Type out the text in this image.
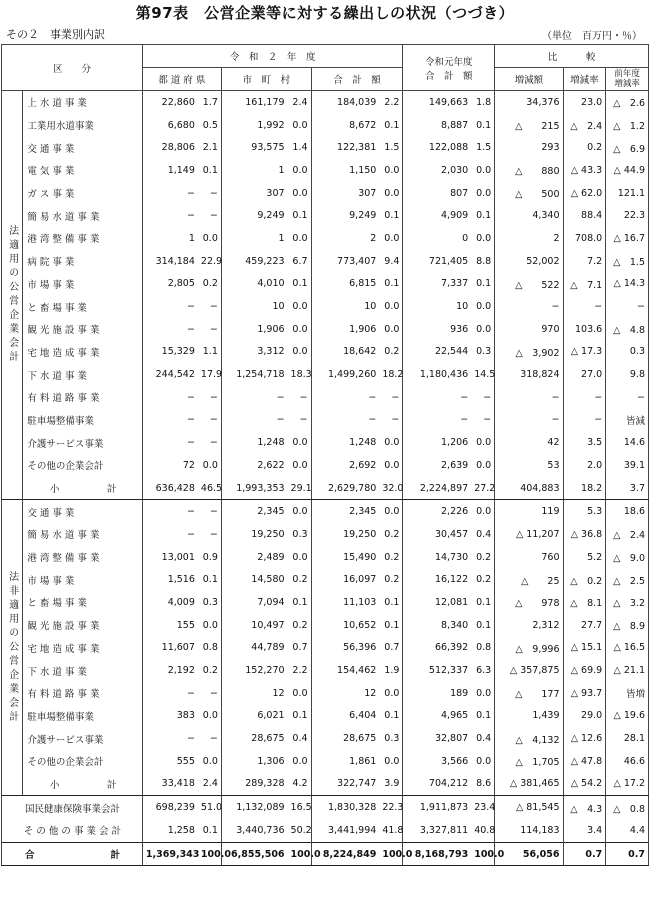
第97表　公営企業等に対する繰出しの状況（つづき）
その２　事業別内訳	（単位　百万円・％）
区　　分		令　和　２　年　度						令和元年度
合　計　額		比　　　較		
		都 道 府 県		市　町　村		合　計　額				増減額	増減率	前年度
増減率
法適用の公営企業会計	上 水 道 事 業	22,860	1.7	161,179	2.4	184,039	2.2	149,663	1.8	34,376	23.0	△　2.6
	工業用水道事業	6,680	0.5	1,992	0.0	8,672	0.1	8,887	0.1	△　　215	△　2.4	△　1.2
	交 通 事 業	28,806	2.1	93,575	1.4	122,381	1.5	122,088	1.5	293	0.2	△　6.9
	電 気 事 業	1,149	0.1	1	0.0	1,150	0.0	2,030	0.0	△　　880	△ 43.3	△ 44.9
	ガ ス 事 業	−	−	307	0.0	307	0.0	807	0.0	△　　500	△ 62.0	121.1
	簡 易 水 道 事 業	−	−	9,249	0.1	9,249	0.1	4,909	0.1	4,340	88.4	22.3
	港 湾 整 備 事 業	1	0.0	1	0.0	2	0.0	0	0.0	2	708.0	△ 16.7
	病 院 事 業	314,184	22.9	459,223	6.7	773,407	9.4	721,405	8.8	52,002	7.2	△　1.5
	市 場 事 業	2,805	0.2	4,010	0.1	6,815	0.1	7,337	0.1	△　　522	△　7.1	△ 14.3
	と 畜 場 事 業	−	−	10	0.0	10	0.0	10	0.0	−	−	−
	観 光 施 設 事 業	−	−	1,906	0.0	1,906	0.0	936	0.0	970	103.6	△　4.8
	宅 地 造 成 事 業	15,329	1.1	3,312	0.0	18,642	0.2	22,544	0.3	△　3,902	△ 17.3	0.3
	下 水 道 事 業	244,542	17.9	1,254,718	18.3	1,499,260	18.2	1,180,436	14.5	318,824	27.0	9.8
	有 料 道 路 事 業	−	−	−	−	−	−	−	−	−	−	−
	駐車場整備事業	−	−	−	−	−	−	−	−	−	−	皆減
	介護サービス事業	−	−	1,248	0.0	1,248	0.0	1,206	0.0	42	3.5	14.6
	その他の企業会計	72	0.0	2,622	0.0	2,692	0.0	2,639	0.0	53	2.0	39.1
	小　　　　　計	636,428	46.5	1,993,353	29.1	2,629,780	32.0	2,224,897	27.2	404,883	18.2	3.7
法非適用の公営企業会計	交 通 事 業	−	−	2,345	0.0	2,345	0.0	2,226	0.0	119	5.3	18.6
	簡 易 水 道 事 業	−	−	19,250	0.3	19,250	0.2	30,457	0.4	△ 11,207	△ 36.8	△　2.4
	港 湾 整 備 事 業	13,001	0.9	2,489	0.0	15,490	0.2	14,730	0.2	760	5.2	△　9.0
	市 場 事 業	1,516	0.1	14,580	0.2	16,097	0.2	16,122	0.2	△　　25	△　0.2	△　2.5
	と 畜 場 事 業	4,009	0.3	7,094	0.1	11,103	0.1	12,081	0.1	△　　978	△　8.1	△　3.2
	観 光 施 設 事 業	155	0.0	10,497	0.2	10,652	0.1	8,340	0.1	2,312	27.7	△　8.9
	宅 地 造 成 事 業	11,607	0.8	44,789	0.7	56,396	0.7	66,392	0.8	△　9,996	△ 15.1	△ 16.5
	下 水 道 事 業	2,192	0.2	152,270	2.2	154,462	1.9	512,337	6.3	△ 357,875	△ 69.9	△ 21.1
	有 料 道 路 事 業	−	−	12	0.0	12	0.0	189	0.0	△　　177	△ 93.7	皆増
	駐車場整備事業	383	0.0	6,021	0.1	6,404	0.1	4,965	0.1	1,439	29.0	△ 19.6
	介護サービス事業	−	−	28,675	0.4	28,675	0.3	32,807	0.4	△　4,132	△ 12.6	28.1
	その他の企業会計	555	0.0	1,306	0.0	1,861	0.0	3,566	0.0	△　1,705	△ 47.8	46.6
	小　　　　　計	33,418	2.4	289,328	4.2	322,747	3.9	704,212	8.6	△ 381,465	△ 54.2	△ 17.2
国民健康保険事業会計		698,239	51.0	1,132,089	16.5	1,830,328	22.3	1,911,873	23.4	△ 81,545	△　4.3	△　0.8
そ の 他 の 事 業 会 計		1,258	0.1	3,440,736	50.2	3,441,994	41.8	3,327,811	40.8	114,183	3.4	4.4
合　　　　　　　　計		1,369,343	100.0	6,855,506	100.0	8,224,849	100.0	8,168,793	100.0	56,056	0.7	0.7
